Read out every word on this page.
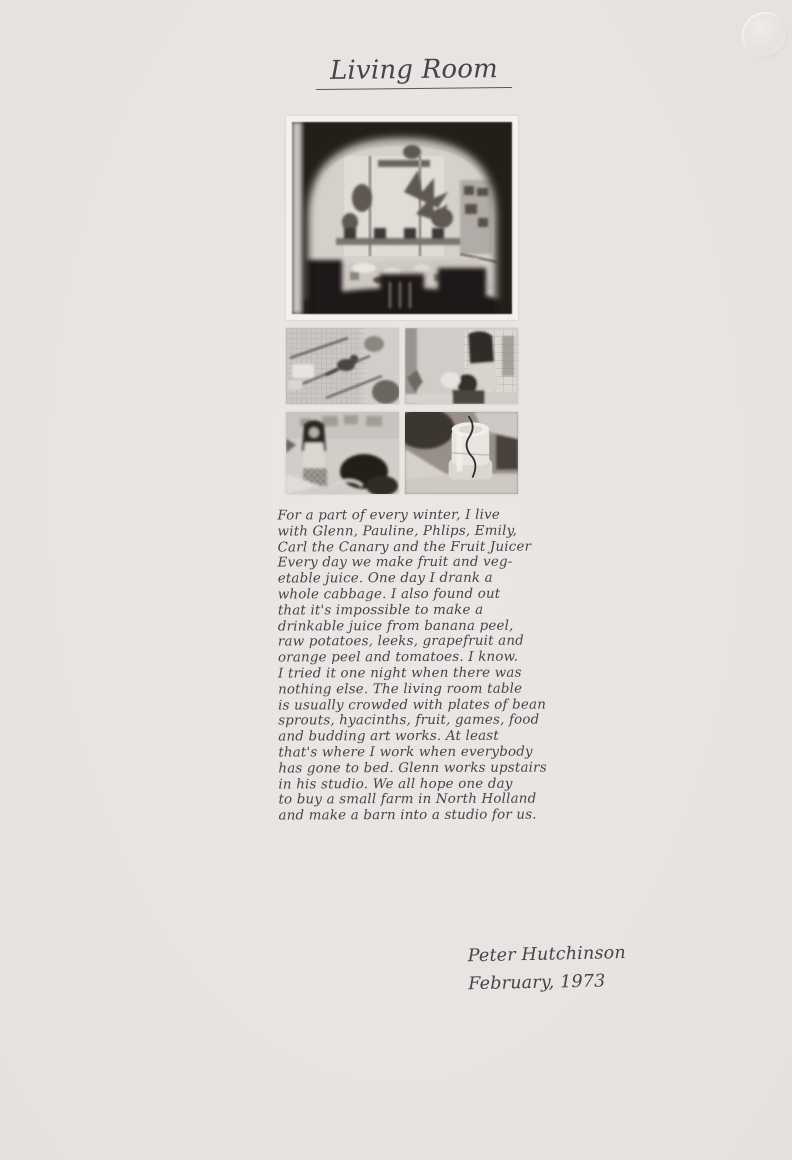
Living Room
For a part of every winter, I live
with Glenn, Pauline, Phlips, Emily,
Carl the Canary and the Fruit Juicer
Every day we make fruit and veg-
etable juice. One day I drank a
whole cabbage. I also found out
that it's impossible to make a
drinkable juice from banana peel,
raw potatoes, leeks, grapefruit and
orange peel and tomatoes. I know.
I tried it one night when there was
nothing else. The living room table
is usually crowded with plates of bean
sprouts, hyacinths, fruit, games, food
and budding art works. At least
that's where I work when everybody
has gone to bed. Glenn works upstairs
in his studio. We all hope one day
to buy a small farm in North Holland
and make a barn into a studio for us.
Peter Hutchinson
February, 1973
